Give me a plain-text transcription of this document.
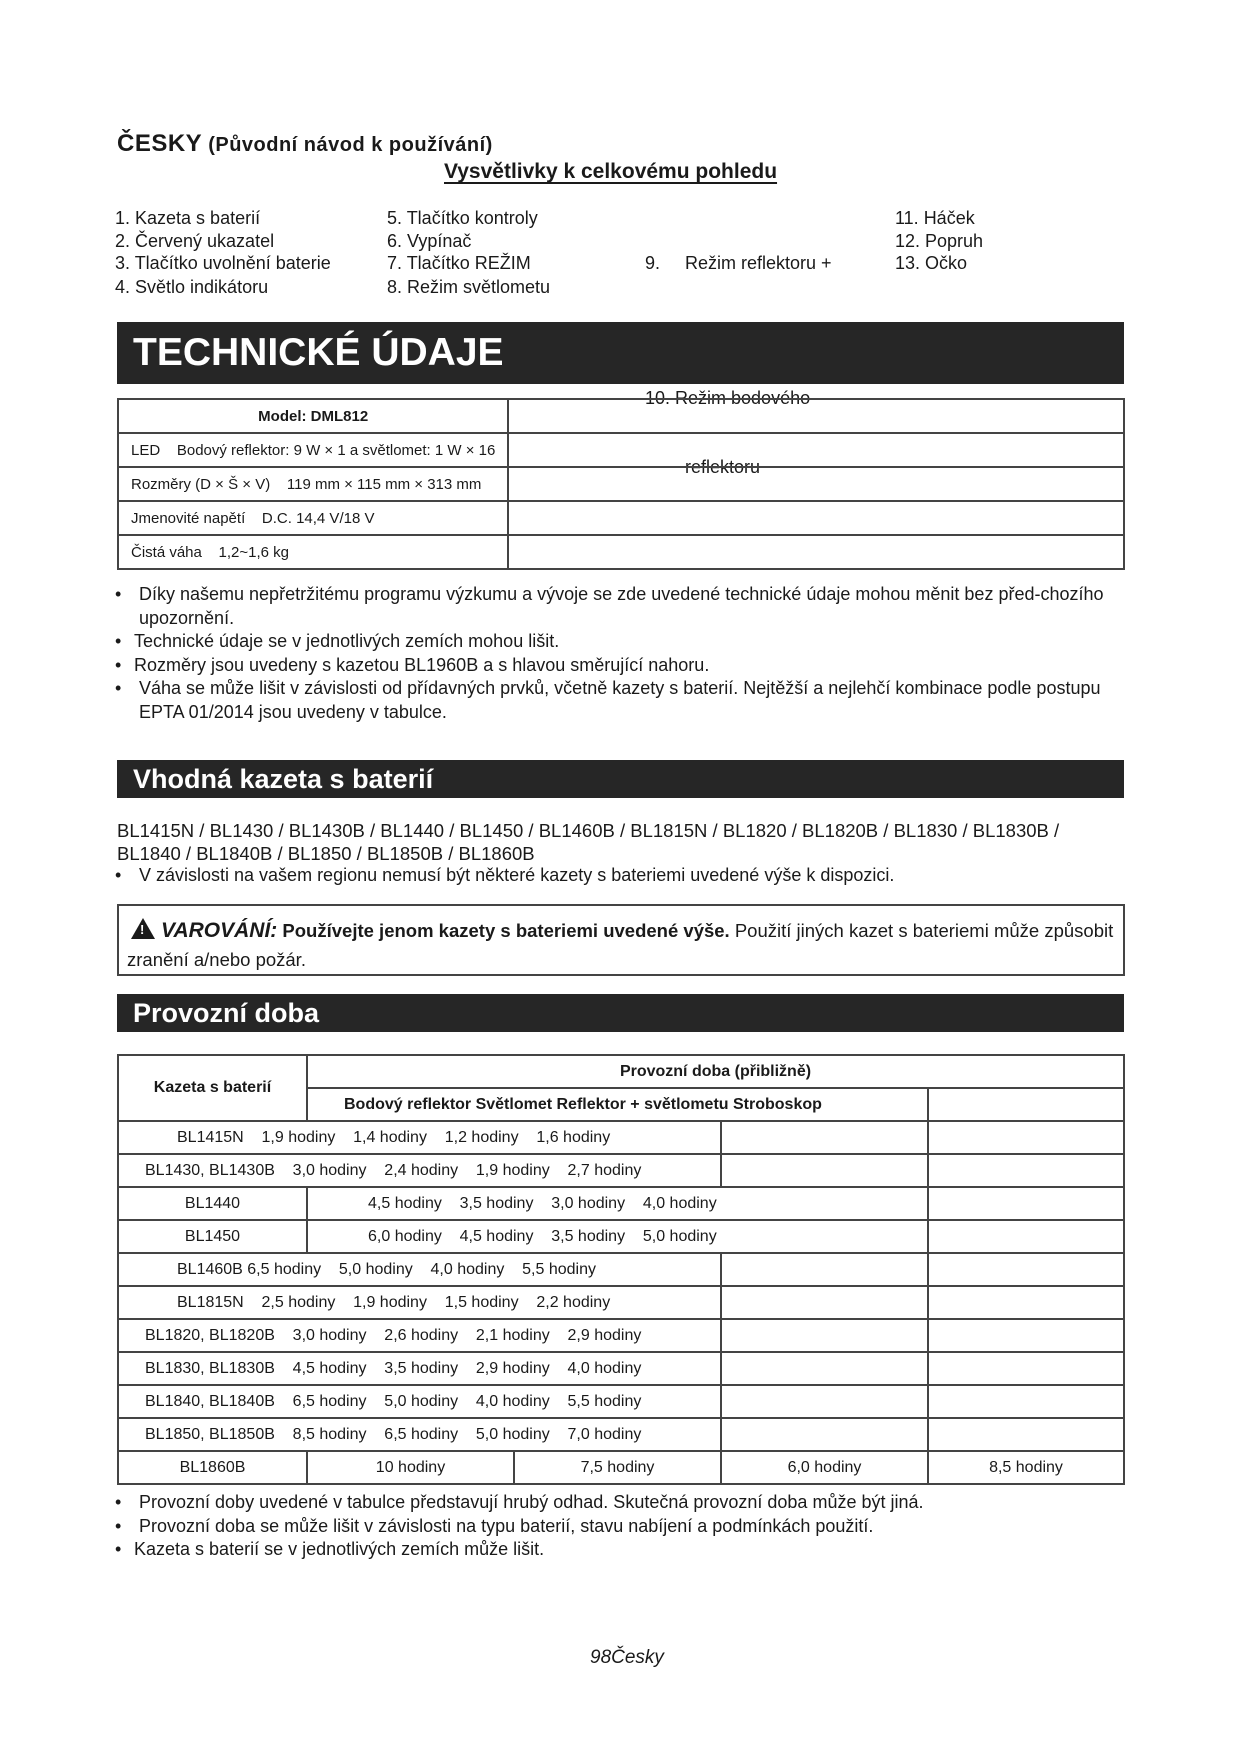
ČESKY (Původní návod k používání)
Vysvětlivky k celkovému pohledu
1. Kazeta s baterií
2. Červený ukazatel
3. Tlačítko uvolnění baterie
4. Světlo indikátoru
5. Tlačítko kontroly
6. Vypínač
7. Tlačítko REŽIM
8. Režim světlometu

9.     Režim reflektoru +

10. Režim bodového

reflektoru

11. Háček
12. Popruh
13. Očko
TECHNICKÉ ÚDAJE
Model: DML812	
LED    Bodový reflektor: 9 W × 1 a světlomet: 1 W × 16	
Rozměry (D × Š × V)    119 mm × 115 mm × 313 mm	
Jmenovité napětí    D.C. 14,4 V/18 V	
Čistá váha    1,2~1,6 kg	
• Díky našemu nepřetržitému programu výzkumu a vývoje se zde uvedené technické údaje mohou měnit bez před-chozího upozornění.
• Technické údaje se v jednotlivých zemích mohou lišit.
• Rozměry jsou uvedeny s kazetou BL1960B a s hlavou směrující nahoru.
• Váha se může lišit v závislosti od přídavných prvků, včetně kazety s baterií. Nejtěžší a nejlehčí kombinace podle postupu EPTA 01/2014 jsou uvedeny v tabulce.
Vhodná kazeta s baterií
BL1415N / BL1430 / BL1430B / BL1440 / BL1450 / BL1460B / BL1815N / BL1820 / BL1820B / BL1830 / BL1830B / BL1840 / BL1840B / BL1850 / BL1850B / BL1860B
• V závislosti na vašem regionu nemusí být některé kazety s bateriemi uvedené výše k dispozici.
!VAROVÁNÍ: Používejte jenom kazety s bateriemi uvedené výše. Použití jiných kazet s bateriemi může způsobit zranění a/nebo požár.
Provozní doba
Kazeta s baterií	Provozní doba (přibližně)			
	Bodový reflektor Světlomet Reflektor + světlometu Stroboskop			
BL1415N    1,9 hodiny    1,4 hodiny    1,2 hodiny    1,6 hodiny				
BL1430, BL1430B    3,0 hodiny    2,4 hodiny    1,9 hodiny    2,7 hodiny				
BL1440	4,5 hodiny    3,5 hodiny    3,0 hodiny    4,0 hodiny			
BL1450	6,0 hodiny    4,5 hodiny    3,5 hodiny    5,0 hodiny			
BL1460B 6,5 hodiny    5,0 hodiny    4,0 hodiny    5,5 hodiny				
BL1815N    2,5 hodiny    1,9 hodiny    1,5 hodiny    2,2 hodiny				
BL1820, BL1820B    3,0 hodiny    2,6 hodiny    2,1 hodiny    2,9 hodiny				
BL1830, BL1830B    4,5 hodiny    3,5 hodiny    2,9 hodiny    4,0 hodiny				
BL1840, BL1840B    6,5 hodiny    5,0 hodiny    4,0 hodiny    5,5 hodiny				
BL1850, BL1850B    8,5 hodiny    6,5 hodiny    5,0 hodiny    7,0 hodiny				
BL1860B	10 hodiny	7,5 hodiny	6,0 hodiny	8,5 hodiny
• Provozní doby uvedené v tabulce představují hrubý odhad. Skutečná provozní doba může být jiná.
• Provozní doba se může lišit v závislosti na typu baterií, stavu nabíjení a podmínkách použití.
• Kazeta s baterií se v jednotlivých zemích může lišit.
98Česky
